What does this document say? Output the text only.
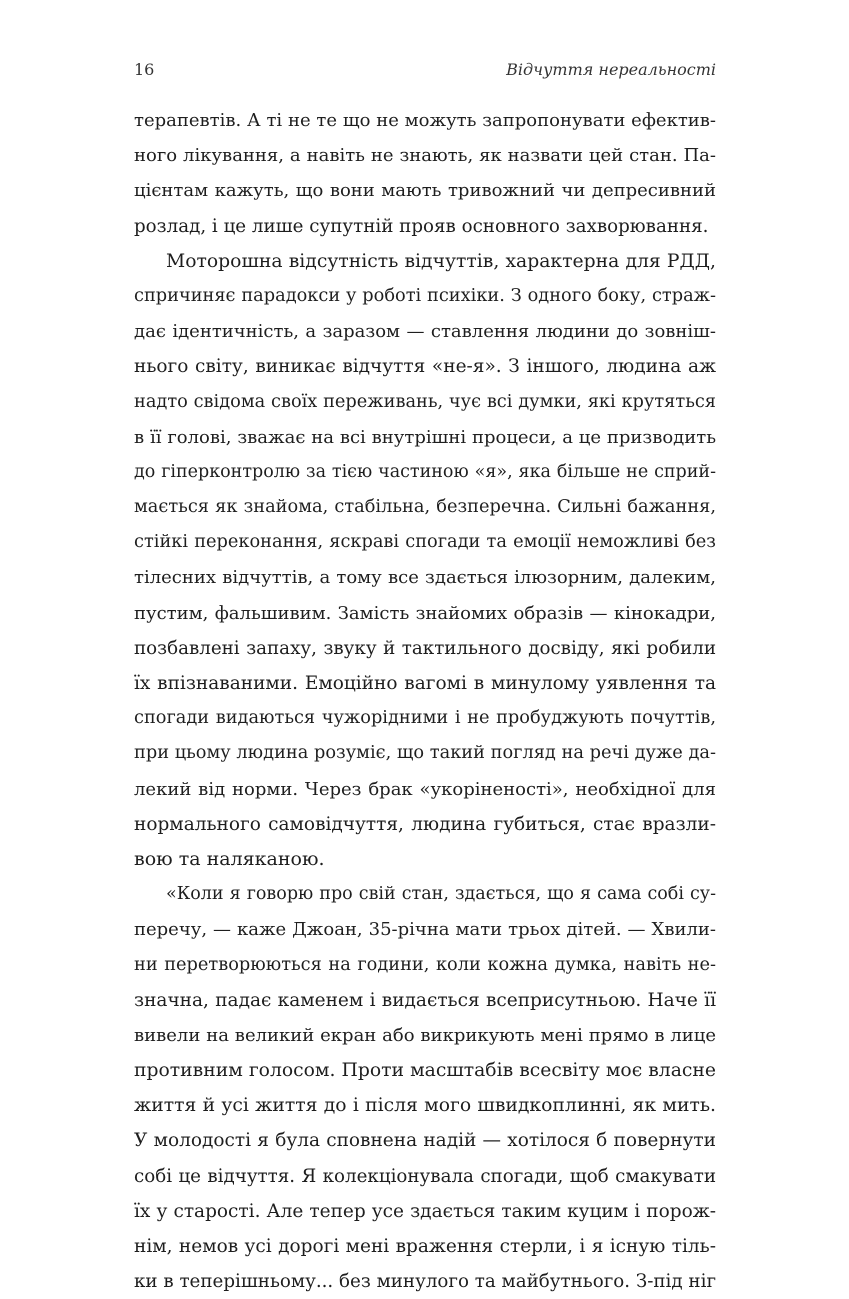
16	Відчуття нереальності
терапевтів. А ті не те що не можуть запропонувати ефектив-
ного лікування, а навіть не знають, як назвати цей стан. Па-
цієнтам кажуть, що вони мають тривожний чи депресивний
розлад, і це лише супутній прояв основного захворювання.
Моторошна відсутність відчуттів, характерна для РДД,
спричиняє парадокси у роботі психіки. З одного боку, страж-
дає ідентичність, а заразом — ставлення людини до зовніш-
нього світу, виникає відчуття «не-я». З іншого, людина аж
надто свідома своїх переживань, чує всі думки, які крутяться
в її голові, зважає на всі внутрішні процеси, а це призводить
до гіперконтролю за тією частиною «я», яка більше не сприй-
мається як знайома, стабільна, безперечна. Сильні бажання,
стійкі переконання, яскраві спогади та емоції неможливі без
тілесних відчуттів, а тому все здається ілюзорним, далеким,
пустим, фальшивим. Замість знайомих образів — кінокадри,
позбавлені запаху, звуку й тактильного досвіду, які робили
їх впізнаваними. Емоційно вагомі в минулому уявлення та
спогади видаються чужорідними і не пробуджують почуттів,
при цьому людина розуміє, що такий погляд на речі дуже да-
лекий від норми. Через брак «укоріненості», необхідної для
нормального самовідчуття, людина губиться, стає вразли-
вою та наляканою.
«Коли я говорю про свій стан, здається, що я сама собі су-
перечу, — каже Джоан, 35-річна мати трьох дітей. — Хвили-
ни перетворюються на години, коли кожна думка, навіть не-
значна, падає каменем і видається всеприсутньою. Наче її
вивели на великий екран або викрикують мені прямо в лице
противним голосом. Проти масштабів всесвіту моє власне
життя й усі життя до і після мого швидкоплинні, як мить.
У молодості я була сповнена надій — хотілося б повернути
собі це відчуття. Я колекціонувала спогади, щоб смакувати
їх у старості. Але тепер усе здається таким куцим і порож-
нім, немов усі дорогі мені враження стерли, і я існую тіль-
ки в теперішньому... без минулого та майбутнього. З-під ніг
